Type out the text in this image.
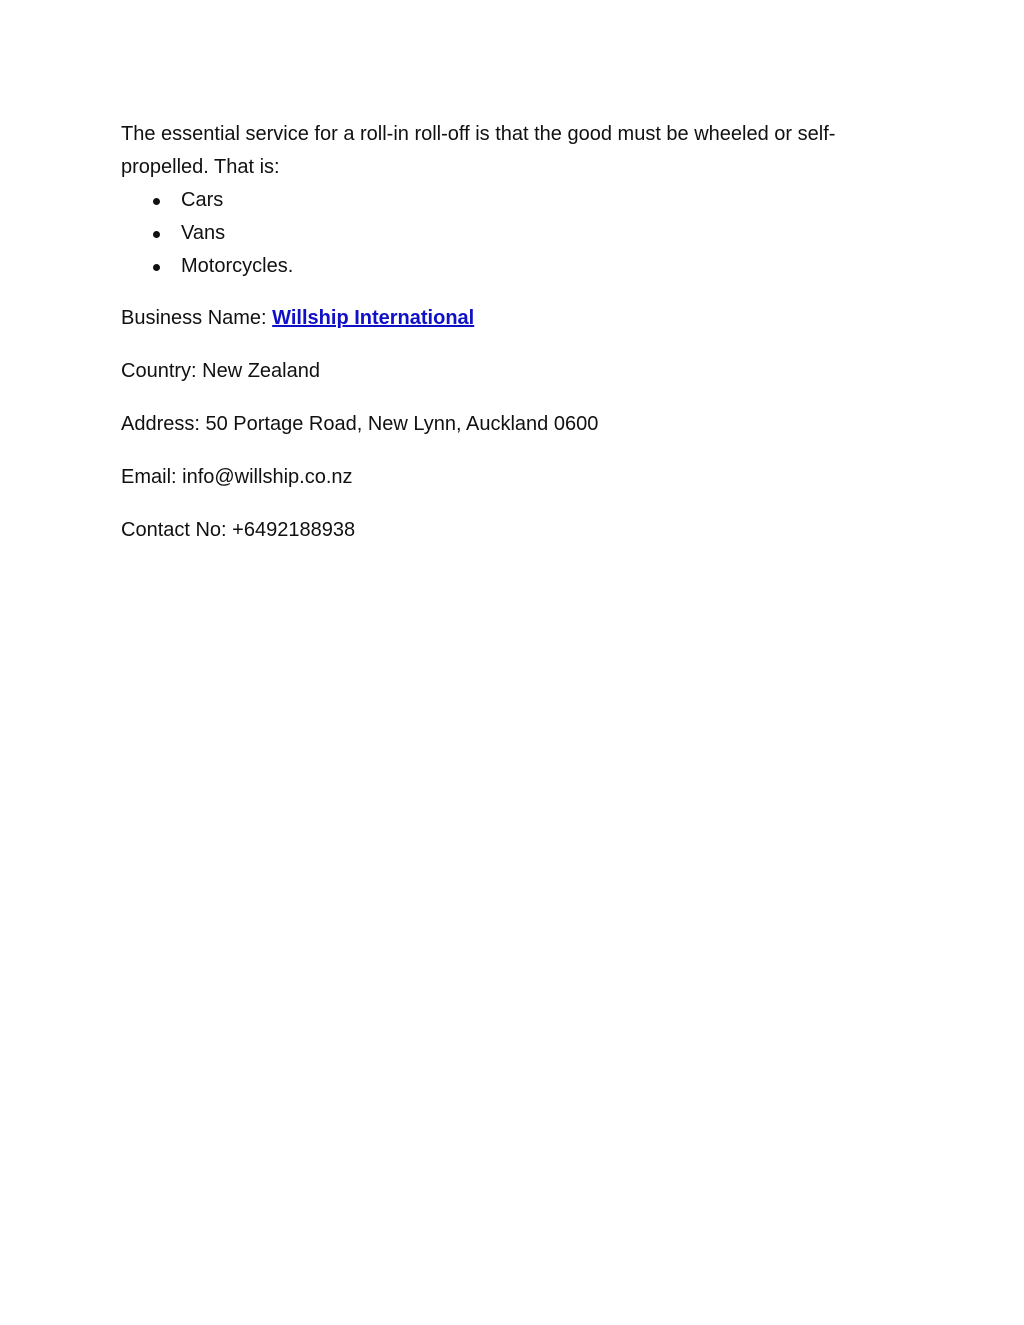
The essential service for a roll-in roll-off is that the good must be wheeled or self-propelled. That is:

Cars
Vans
Motorcycles.

Business Name: Willship International

Country: New Zealand

Address: 50 Portage Road, New Lynn, Auckland 0600

Email: info@willship.co.nz

Contact No: +6492188938
